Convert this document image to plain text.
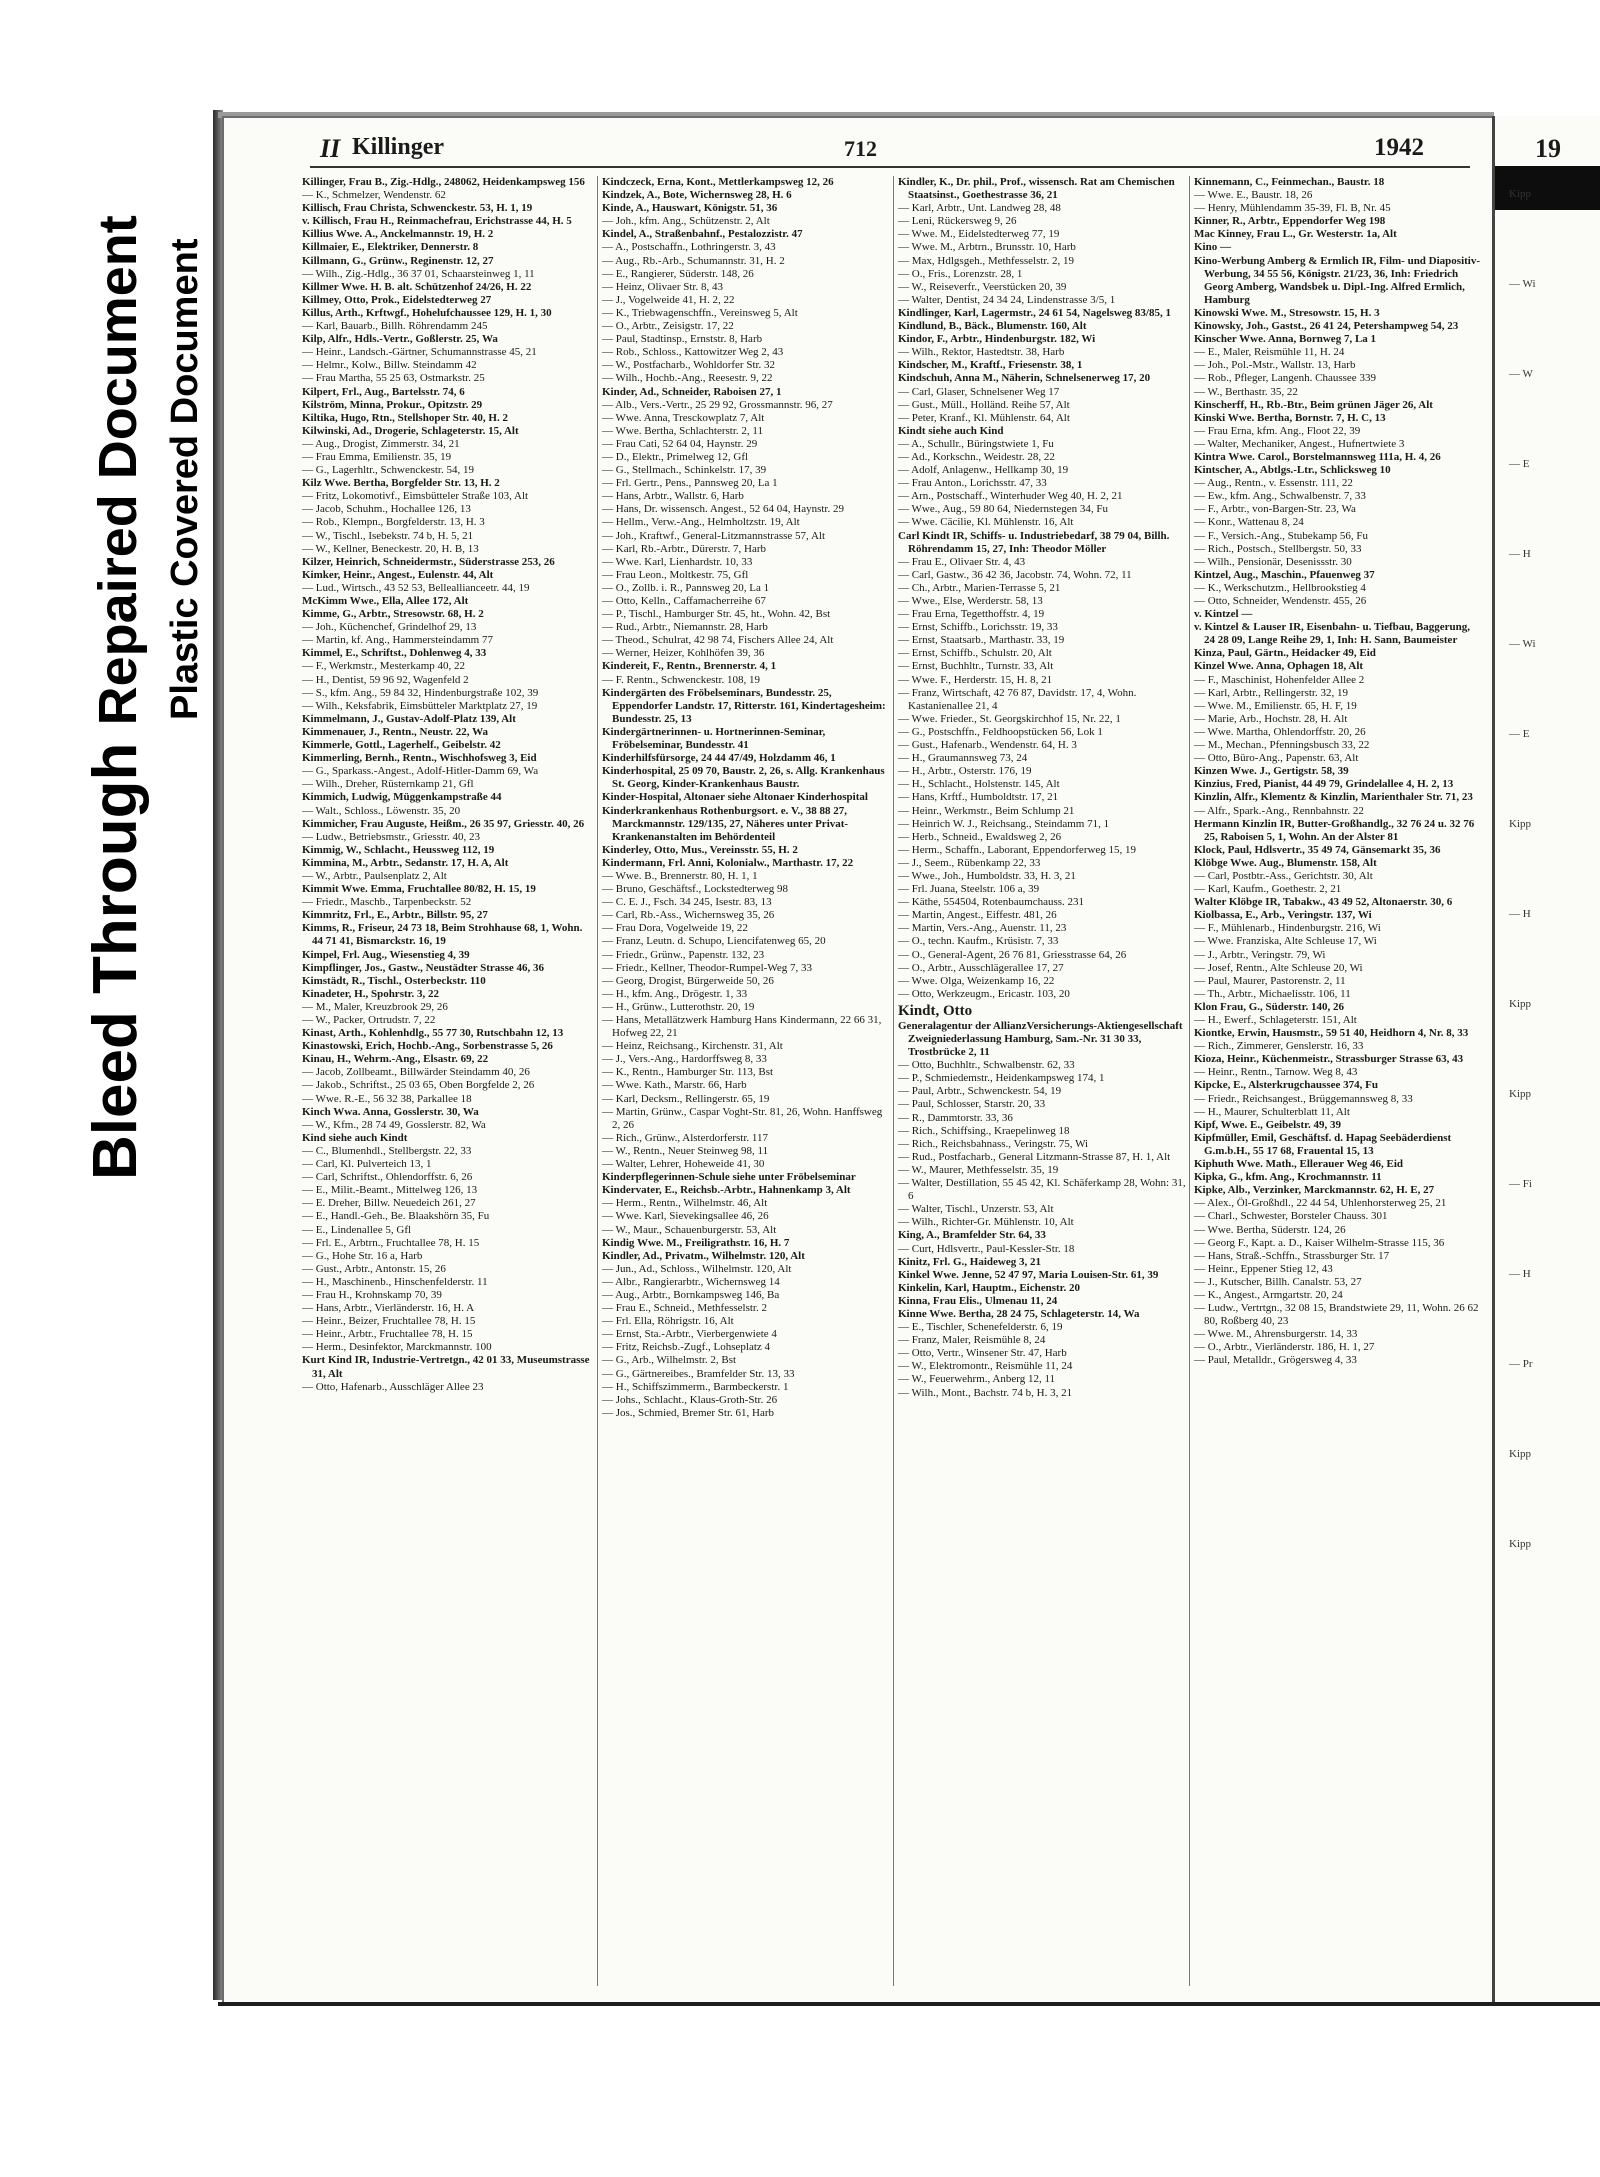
Bleed Through Repaired Document Plastic Covered Document
II Killinger	712	1942

Killinger, Frau B., Zig.-Hdlg., 248062, Heidenkampsweg 156

— K., Schmelzer, Wendenstr. 62

Killisch, Frau Christa, Schwenckestr. 53, H. 1, 19

v. Killisch, Frau H., Reinmachefrau, Erichstrasse 44, H. 5

Killius Wwe. A., Anckelmannstr. 19, H. 2

Killmaier, E., Elektriker, Dennerstr. 8

Killmann, G., Grünw., Reginenstr. 12, 27

— Wilh., Zig.-Hdlg., 36 37 01, Schaarsteinweg 1, 11

Killmer Wwe. H. B. alt. Schützenhof 24/26, H. 22

Killmey, Otto, Prok., Eidelstedterweg 27

Killus, Arth., Krftwgf., Hohelufchaussee 129, H. 1, 30

— Karl, Bauarb., Billh. Röhrendamm 245

Kilp, Alfr., Hdls.-Vertr., Goßlerstr. 25, Wa

— Heinr., Landsch.-Gärtner, Schumannstrasse 45, 21

— Helmr., Kolw., Billw. Steindamm 42

— Frau Martha, 55 25 63, Ostmarkstr. 25

Kilpert, Frl., Aug., Bartelsstr. 74, 6

Kilström, Minna, Prokur., Opitzstr. 29

Kiltika, Hugo, Rtn., Stellshoper Str. 40, H. 2

Kilwinski, Ad., Drogerie, Schlageterstr. 15, Alt

— Aug., Drogist, Zimmerstr. 34, 21

— Frau Emma, Emilienstr. 35, 19

— G., Lagerhltr., Schwenckestr. 54, 19

Kilz Wwe. Bertha, Borgfelder Str. 13, H. 2

— Fritz, Lokomotivf., Eimsbütteler Straße 103, Alt

— Jacob, Schuhm., Hochallee 126, 13

— Rob., Klempn., Borgfelderstr. 13, H. 3

— W., Tischl., Isebekstr. 74 b, H. 5, 21

— W., Kellner, Beneckestr. 20, H. B, 13

Kilzer, Heinrich, Schneidermstr., Süderstrasse 253, 26

Kimker, Heinr., Angest., Eulenstr. 44, Alt

— Lud., Wirtsch., 43 52 53, Belleallianceetr. 44, 19

McKimm Wwe., Ella, Allee 172, Alt

Kimme, G., Arbtr., Stresowstr. 68, H. 2

— Joh., Küchenchef, Grindelhof 29, 13

— Martin, kf. Ang., Hammersteindamm 77

Kimmel, E., Schriftst., Dohlenweg 4, 33

— F., Werkmstr., Mesterkamp 40, 22

— H., Dentist, 59 96 92, Wagenfeld 2

— S., kfm. Ang., 59 84 32, Hindenburgstraße 102, 39

— Wilh., Keksfabrik, Eimsbütteler Marktplatz 27, 19

Kimmelmann, J., Gustav-Adolf-Platz 139, Alt

Kimmenauer, J., Rentn., Neustr. 22, Wa

Kimmerle, Gottl., Lagerhelf., Geibelstr. 42

Kimmerling, Bernh., Rentn., Wischhofsweg 3, Eid

— G., Sparkass.-Angest., Adolf-Hitler-Damm 69, Wa

— Wilh., Dreher, Rüsternkamp 21, Gfl

Kimmich, Ludwig, Müggenkampstraße 44

— Walt., Schloss., Löwenstr. 35, 20

Kimmicher, Frau Auguste, Heißm., 26 35 97, Griesstr. 40, 26

— Ludw., Betriebsmstr., Griesstr. 40, 23

Kimmig, W., Schlacht., Heussweg 112, 19

Kimmina, M., Arbtr., Sedanstr. 17, H. A, Alt

— W., Arbtr., Paulsenplatz 2, Alt

Kimmit Wwe. Emma, Fruchtallee 80/82, H. 15, 19

— Friedr., Maschb., Tarpenbeckstr. 52

Kimmritz, Frl., E., Arbtr., Billstr. 95, 27

Kimms, R., Friseur, 24 73 18, Beim Strohhause 68, 1, Wohn. 44 71 41, Bismarckstr. 16, 19

Kimpel, Frl. Aug., Wiesenstieg 4, 39

Kimpflinger, Jos., Gastw., Neustädter Strasse 46, 36

Kimstädt, R., Tischl., Osterbeckstr. 110

Kinadeter, H., Spohrstr. 3, 22

— M., Maler, Kreuzbrook 29, 26

— W., Packer, Ortrudstr. 7, 22

Kinast, Arth., Kohlenhdlg., 55 77 30, Rutschbahn 12, 13

Kinastowski, Erich, Hochb.-Ang., Sorbenstrasse 5, 26

Kinau, H., Wehrm.-Ang., Elsastr. 69, 22

— Jacob, Zollbeamt., Billwärder Steindamm 40, 26

— Jakob., Schriftst., 25 03 65, Oben Borgfelde 2, 26

— Wwe. R.-E., 56 32 38, Parkallee 18

Kinch Wwa. Anna, Gosslerstr. 30, Wa

— W., Kfm., 28 74 49, Gosslerstr. 82, Wa

Kind siehe auch Kindt

— C., Blumenhdl., Stellbergstr. 22, 33

— Carl, Kl. Pulverteich 13, 1

— Carl, Schriftst., Ohlendorffstr. 6, 26

— E., Milit.-Beamt., Mittelweg 126, 13

— E. Dreher, Billw. Neuedeich 261, 27

— E., Handl.-Geh., Be. Blaakshörn 35, Fu

— E., Lindenallee 5, Gfl

— Frl. E., Arbtrn., Fruchtallee 78, H. 15

— G., Hohe Str. 16 a, Harb

— Gust., Arbtr., Antonstr. 15, 26

— H., Maschinenb., Hinschenfelderstr. 11

— Frau H., Krohnskamp 70, 39

— Hans, Arbtr., Vierländerstr. 16, H. A

— Heinr., Beizer, Fruchtallee 78, H. 15

— Heinr., Arbtr., Fruchtallee 78, H. 15

— Herm., Desinfektor, Marckmannstr. 100

Kurt Kind IR, Industrie-Vertretgn., 42 01 33, Museumstrasse 31, Alt

— Otto, Hafenarb., Ausschläger Allee 23

Kindczeck, Erna, Kont., Mettlerkampsweg 12, 26

Kindzek, A., Bote, Wichernsweg 28, H. 6

Kinde, A., Hauswart, Königstr. 51, 36

— Joh., kfm. Ang., Schützenstr. 2, Alt

Kindel, A., Straßenbahnf., Pestalozzistr. 47

— A., Postschaffn., Lothringerstr. 3, 43

— Aug., Rb.-Arb., Schumannstr. 31, H. 2

— E., Rangierer, Süderstr. 148, 26

— Heinz, Olivaer Str. 8, 43

— J., Vogelweide 41, H. 2, 22

— K., Triebwagenschffn., Vereinsweg 5, Alt

— O., Arbtr., Zeisigstr. 17, 22

— Paul, Stadtinsp., Ernststr. 8, Harb

— Rob., Schloss., Kattowitzer Weg 2, 43

— W., Postfacharb., Wohldorfer Str. 32

— Wilh., Hochb.-Ang., Reesestr. 9, 22

Kinder, Ad., Schneider, Raboisen 27, 1

— Alb., Vers.-Vertr., 25 29 92, Grossmannstr. 96, 27

— Wwe. Anna, Tresckowplatz 7, Alt

— Wwe. Bertha, Schlachterstr. 2, 11

— Frau Cati, 52 64 04, Haynstr. 29

— D., Elektr., Primelweg 12, Gfl

— G., Stellmach., Schinkelstr. 17, 39

— Frl. Gertr., Pens., Pannsweg 20, La 1

— Hans, Arbtr., Wallstr. 6, Harb

— Hans, Dr. wissensch. Angest., 52 64 04, Haynstr. 29

— Hellm., Verw.-Ang., Helmholtzstr. 19, Alt

— Joh., Kraftwf., General-Litzmannstrasse 57, Alt

— Karl, Rb.-Arbtr., Dürerstr. 7, Harb

— Wwe. Karl, Lienhardstr. 10, 33

— Frau Leon., Moltkestr. 75, Gfl

— O., Zollb. i. R., Pannsweg 20, La 1

— Otto, Kelln., Caffamacherreihe 67

— P., Tischl., Hamburger Str. 45, ht., Wohn. 42, Bst

— Rud., Arbtr., Niemannstr. 28, Harb

— Theod., Schulrat, 42 98 74, Fischers Allee 24, Alt

— Werner, Heizer, Kohlhöfen 39, 36

Kindereit, F., Rentn., Brennerstr. 4, 1

— F. Rentn., Schwenckestr. 108, 19

Kindergärten des Fröbelseminars, Bundesstr. 25, Eppendorfer Landstr. 17, Ritterstr. 161, Kindertagesheim: Bundesstr. 25, 13

Kindergärtnerinnen- u. Hortnerinnen-Seminar, Fröbelseminar, Bundesstr. 41

Kinderhilfsfürsorge, 24 44 47/49, Holzdamm 46, 1

Kinderhospital, 25 09 70, Baustr. 2, 26, s. Allg. Krankenhaus St. Georg, Kinder-Krankenhaus Baustr.

Kinder-Hospital, Altonaer siehe Altonaer Kinderhospital

Kinderkrankenhaus Rothenburgsort. e. V., 38 88 27, Marckmannstr. 129/135, 27, Näheres unter Privat-Krankenanstalten im Behördenteil

Kinderley, Otto, Mus., Vereinsstr. 55, H. 2

Kindermann, Frl. Anni, Kolonialw., Marthastr. 17, 22

— Wwe. B., Brennerstr. 80, H. 1, 1

— Bruno, Geschäftsf., Lockstedterweg 98

— C. E. J., Fsch. 34 245, Isestr. 83, 13

— Carl, Rb.-Ass., Wichernsweg 35, 26

— Frau Dora, Vogelweide 19, 22

— Franz, Leutn. d. Schupo, Liencifatenweg 65, 20

— Friedr., Grünw., Papenstr. 132, 23

— Friedr., Kellner, Theodor-Rumpel-Weg 7, 33

— Georg, Drogist, Bürgerweide 50, 26

— H., kfm. Ang., Drögestr. 1, 33

— H., Grünw., Lutterothstr. 20, 19

— Hans, Metallätzwerk Hamburg Hans Kindermann, 22 66 31, Hofweg 22, 21

— Heinz, Reichsang., Kirchenstr. 31, Alt

— J., Vers.-Ang., Hardorffsweg 8, 33

— K., Rentn., Hamburger Str. 113, Bst

— Wwe. Kath., Marstr. 66, Harb

— Karl, Decksm., Rellingerstr. 65, 19

— Martin, Grünw., Caspar Voght-Str. 81, 26, Wohn. Hanffsweg 2, 26

— Rich., Grünw., Alsterdorferstr. 117

— W., Rentn., Neuer Steinweg 98, 11

— Walter, Lehrer, Hoheweide 41, 30

Kinderpflegerinnen-Schule siehe unter Fröbelseminar

Kindervater, E., Reichsb.-Arbtr., Hahnenkamp 3, Alt

— Herm., Rentn., Wilhelmstr. 46, Alt

— Wwe. Karl, Sievekingsallee 46, 26

— W., Maur., Schauenburgerstr. 53, Alt

Kindig Wwe. M., Freiligrathstr. 16, H. 7

Kindler, Ad., Privatm., Wilhelmstr. 120, Alt

— Jun., Ad., Schloss., Wilhelmstr. 120, Alt

— Albr., Rangierarbtr., Wichernsweg 14

— Aug., Arbtr., Bornkampsweg 146, Ba

— Frau E., Schneid., Methfesselstr. 2

— Frl. Ella, Röhrigstr. 16, Alt

— Ernst, Sta.-Arbtr., Vierbergenwiete 4

— Fritz, Reichsb.-Zugf., Lohseplatz 4

— G., Arb., Wilhelmstr. 2, Bst

— G., Gärtnereibes., Bramfelder Str. 13, 33

— H., Schiffszimmerm., Barmbeckerstr. 1

— Johs., Schlacht., Klaus-Groth-Str. 26

— Jos., Schmied, Bremer Str. 61, Harb

Kindler, K., Dr. phil., Prof., wissensch. Rat am Chemischen Staatsinst., Goethestrasse 36, 21

— Karl, Arbtr., Unt. Landweg 28, 48

— Leni, Rückersweg 9, 26

— Wwe. M., Eidelstedterweg 77, 19

— Wwe. M., Arbtrn., Brunsstr. 10, Harb

— Max, Hdlgsgeh., Methfesselstr. 2, 19

— O., Fris., Lorenzstr. 28, 1

— W., Reiseverfr., Veerstücken 20, 39

— Walter, Dentist, 24 34 24, Lindenstrasse 3/5, 1

Kindlinger, Karl, Lagermstr., 24 61 54, Nagelsweg 83/85, 1

Kindlund, B., Bäck., Blumenstr. 160, Alt

Kindor, F., Arbtr., Hindenburgstr. 182, Wi

— Wilh., Rektor, Hastedtstr. 38, Harb

Kindscher, M., Kraftf., Friesenstr. 38, 1

Kindschuh, Anna M., Näherin, Schnelsenerweg 17, 20

— Carl, Glaser, Schnelsener Weg 17

— Gust., Müll., Holländ. Reihe 57, Alt

— Peter, Kranf., Kl. Mühlenstr. 64, Alt

Kindt siehe auch Kind

— A., Schullr., Büringstwiete 1, Fu

— Ad., Korkschn., Weidestr. 28, 22

— Adolf, Anlagenw., Hellkamp 30, 19

— Frau Anton., Lorichsstr. 47, 33

— Arn., Postschaff., Winterhuder Weg 40, H. 2, 21

— Wwe., Aug., 59 80 64, Niedernstegen 34, Fu

— Wwe. Cäcilie, Kl. Mühlenstr. 16, Alt

Carl Kindt IR, Schiffs- u. Industriebedarf, 38 79 04, Billh. Röhrendamm 15, 27, Inh: Theodor Möller

— Frau E., Olivaer Str. 4, 43

— Carl, Gastw., 36 42 36, Jacobstr. 74, Wohn. 72, 11

— Ch., Arbtr., Marien-Terrasse 5, 21

— Wwe., Else, Werderstr. 58, 13

— Frau Erna, Tegetthoffstr. 4, 19

— Ernst, Schiffb., Lorichsstr. 19, 33

— Ernst, Staatsarb., Marthastr. 33, 19

— Ernst, Schiffb., Schulstr. 20, Alt

— Ernst, Buchhltr., Turnstr. 33, Alt

— Wwe. F., Herderstr. 15, H. 8, 21

— Franz, Wirtschaft, 42 76 87, Davidstr. 17, 4, Wohn. Kastanienallee 21, 4

— Wwe. Frieder., St. Georgskirchhof 15, Nr. 22, 1

— G., Postschffn., Feldhoopstücken 56, Lok 1

— Gust., Hafenarb., Wendenstr. 64, H. 3

— H., Graumannsweg 73, 24

— H., Arbtr., Osterstr. 176, 19

— H., Schlacht., Holstenstr. 145, Alt

— Hans, Krftf., Humboldtstr. 17, 21

— Heinr., Werkmstr., Beim Schlump 21

— Heinrich W. J., Reichsang., Steindamm 71, 1

— Herb., Schneid., Ewaldsweg 2, 26

— Herm., Schaffn., Laborant, Eppendorferweg 15, 19

— J., Seem., Rübenkamp 22, 33

— Wwe., Joh., Humboldstr. 33, H. 3, 21

— Frl. Juana, Steelstr. 106 a, 39

— Käthe, 554504, Rotenbaumchauss. 231

— Martin, Angest., Eiffestr. 481, 26

— Martin, Vers.-Ang., Auenstr. 11, 23

— O., techn. Kaufm., Krüsistr. 7, 33

— O., General-Agent, 26 76 81, Griesstrasse 64, 26

— O., Arbtr., Ausschlägerallee 17, 27

— Wwe. Olga, Weizenkamp 16, 22

— Otto, Werkzeugm., Ericastr. 103, 20

Kindt, Otto

Generalagentur der AllianzVersicherungs-Aktiengesellschaft Zweigniederlassung Hamburg, Sam.-Nr. 31 30 33, Trostbrücke 2, 11

— Otto, Buchhltr., Schwalbenstr. 62, 33

— P., Schmiedemstr., Heidenkampsweg 174, 1

— Paul, Arbtr., Schwenckestr. 54, 19

— Paul, Schlosser, Starstr. 20, 33

— R., Dammtorstr. 33, 36

— Rich., Schiffsing., Kraepelinweg 18

— Rich., Reichsbahnass., Veringstr. 75, Wi

— Rud., Postfacharb., General Litzmann-Strasse 87, H. 1, Alt

— W., Maurer, Methfesselstr. 35, 19

— Walter, Destillation, 55 45 42, Kl. Schäferkamp 28, Wohn: 31, 6

— Walter, Tischl., Unzerstr. 53, Alt

— Wilh., Richter-Gr. Mühlenstr. 10, Alt

King, A., Bramfelder Str. 64, 33

— Curt, Hdlsvertr., Paul-Kessler-Str. 18

Kinitz, Frl. G., Haideweg 3, 21

Kinkel Wwe. Jenne, 52 47 97, Maria Louisen-Str. 61, 39

Kinkelin, Karl, Hauptm., Eichenstr. 20

Kinna, Frau Elis., Ulmenau 11, 24

Kinne Wwe. Bertha, 28 24 75, Schlageterstr. 14, Wa

— E., Tischler, Schenefelderstr. 6, 19

— Franz, Maler, Reismühle 8, 24

— Otto, Vertr., Winsener Str. 47, Harb

— W., Elektromontr., Reismühle 11, 24

— W., Feuerwehrm., Anberg 12, 11

— Wilh., Mont., Bachstr. 74 b, H. 3, 21

Kinnemann, C., Feinmechan., Baustr. 18

— Wwe. E., Baustr. 18, 26

— Henry, Mühlendamm 35-39, Fl. B, Nr. 45

Kinner, R., Arbtr., Eppendorfer Weg 198

Mac Kinney, Frau L., Gr. Westerstr. 1a, Alt

Kino —

Kino-Werbung Amberg & Ermlich IR, Film- und Diapositiv-Werbung, 34 55 56, Königstr. 21/23, 36, Inh: Friedrich Georg Amberg, Wandsbek u. Dipl.-Ing. Alfred Ermlich, Hamburg

Kinowski Wwe. M., Stresowstr. 15, H. 3

Kinowsky, Joh., Gastst., 26 41 24, Petershampweg 54, 23

Kinscher Wwe. Anna, Bornweg 7, La 1

— E., Maler, Reismühle 11, H. 24

— Joh., Pol.-Mstr., Wallstr. 13, Harb

— Rob., Pfleger, Langenh. Chaussee 339

— W., Berthastr. 35, 22

Kinscherff, H., Rb.-Btr., Beim grünen Jäger 26, Alt

Kinski Wwe. Bertha, Bornstr. 7, H. C, 13

— Frau Erna, kfm. Ang., Floot 22, 39

— Walter, Mechaniker, Angest., Hufnertwiete 3

Kintra Wwe. Carol., Borstelmannsweg 111a, H. 4, 26

Kintscher, A., Abtlgs.-Ltr., Schlicksweg 10

— Aug., Rentn., v. Essenstr. 111, 22

— Ew., kfm. Ang., Schwalbenstr. 7, 33

— F., Arbtr., von-Bargen-Str. 23, Wa

— Konr., Wattenau 8, 24

— F., Versich.-Ang., Stubekamp 56, Fu

— Rich., Postsch., Stellbergstr. 50, 33

— Wilh., Pensionär, Desenissstr. 30

Kintzel, Aug., Maschin., Pfauenweg 37

— K., Werkschutzm., Hellbrookstieg 4

— Otto, Schneider, Wendenstr. 455, 26

v. Kintzel —

v. Kintzel & Lauser IR, Eisenbahn- u. Tiefbau, Baggerung, 24 28 09, Lange Reihe 29, 1, Inh: H. Sann, Baumeister

Kinza, Paul, Gärtn., Heidacker 49, Eid

Kinzel Wwe. Anna, Ophagen 18, Alt

— F., Maschinist, Hohenfelder Allee 2

— Karl, Arbtr., Rellingerstr. 32, 19

— Wwe. M., Emilienstr. 65, H. F, 19

— Marie, Arb., Hochstr. 28, H. Alt

— Wwe. Martha, Ohlendorffstr. 20, 26

— M., Mechan., Pfenningsbusch 33, 22

— Otto, Büro-Ang., Papenstr. 63, Alt

Kinzen Wwe. J., Gertigstr. 58, 39

Kinzius, Fred, Pianist, 44 49 79, Grindelallee 4, H. 2, 13

Kinzlin, Alfr., Klementz & Kinzlin, Marienthaler Str. 71, 23

— Alfr., Spark.-Ang., Rennbahnstr. 22

Hermann Kinzlin IR, Butter-Großhandlg., 32 76 24 u. 32 76 25, Raboisen 5, 1, Wohn. An der Alster 81

Klock, Paul, Hdlsvertr., 35 49 74, Gänsemarkt 35, 36

Klöbge Wwe. Aug., Blumenstr. 158, Alt

— Carl, Postbtr.-Ass., Gerichtstr. 30, Alt

— Karl, Kaufm., Goethestr. 2, 21

Walter Klöbge IR, Tabakw., 43 49 52, Altonaerstr. 30, 6

Kiolbassa, E., Arb., Veringstr. 137, Wi

— F., Mühlenarb., Hindenburgstr. 216, Wi

— Wwe. Franziska, Alte Schleuse 17, Wi

— J., Arbtr., Veringstr. 79, Wi

— Josef, Rentn., Alte Schleuse 20, Wi

— Paul, Maurer, Pastorenstr. 2, 11

— Th., Arbtr., Michaelisstr. 106, 11

Klon Frau, G., Süderstr. 140, 26

— H., Ewerf., Schlageterstr. 151, Alt

Kiontke, Erwin, Hausmstr., 59 51 40, Heidhorn 4, Nr. 8, 33

— Rich., Zimmerer, Genslerstr. 16, 33

Kioza, Heinr., Küchenmeistr., Strassburger Strasse 63, 43

— Heinr., Rentn., Tarnow. Weg 8, 43

Kipcke, E., Alsterkrugchaussee 374, Fu

— Friedr., Reichsangest., Brüggemannsweg 8, 33

— H., Maurer, Schulterblatt 11, Alt

Kipf, Wwe. E., Geibelstr. 49, 39

Kipfmüller, Emil, Geschäftsf. d. Hapag Seebäderdienst G.m.b.H., 55 17 68, Frauental 15, 13

Kiphuth Wwe. Math., Ellerauer Weg 46, Eid

Kipka, G., kfm. Ang., Krochmannstr. 11

Kipke, Alb., Verzinker, Marckmannstr. 62, H. E, 27

— Alex., Öl-Großhdl., 22 44 54, Uhlenhorsterweg 25, 21

— Charl., Schwester, Borsteler Chauss. 301

— Wwe. Bertha, Süderstr. 124, 26

— Georg F., Kapt. a. D., Kaiser Wilhelm-Strasse 115, 36

— Hans, Straß.-Schffn., Strassburger Str. 17

— Heinr., Eppener Stieg 12, 43

— J., Kutscher, Billh. Canalstr. 53, 27

— K., Angest., Armgartstr. 20, 24

— Ludw., Vertrtgn., 32 08 15, Brandstwiete 29, 11, Wohn. 26 62 80, Roßberg 40, 23

— Wwe. M., Ahrensburgerstr. 14, 33

— O., Arbtr., Vierländerstr. 186, H. 1, 27

— Paul, Metalldr., Grögersweg 4, 33

19
Kipp
— Wi
— W
— E
— H
— Wi
— E
Kipp
— H
Kipp
Kipp
— Fi
— H
— Pr
Kipp
Kipp
